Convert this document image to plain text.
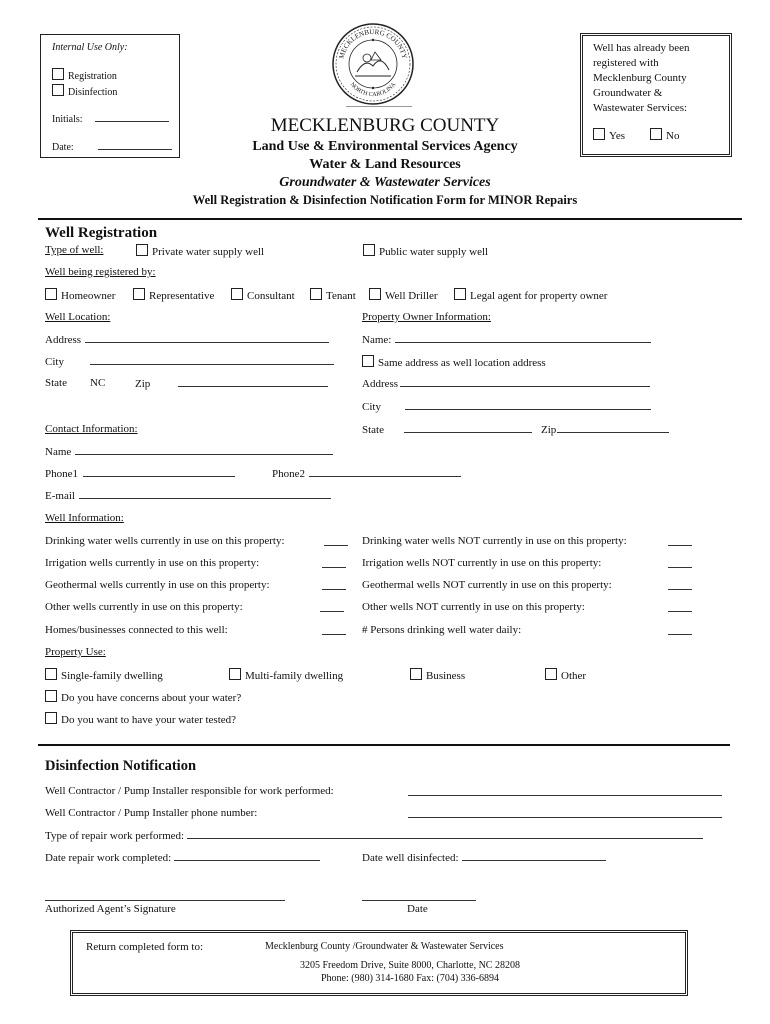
Internal Use Only:
Registration
Disinfection
Initials:
Date:
Well has already been
registered with
Mecklenburg County
Groundwater &
Wastewater Services:
Yes	No
MECKLENBURG COUNTY
NORTH CAROLINA
MECKLENBURG COUNTY
Land Use & Environmental Services Agency
Water & Land Resources
Groundwater & Wastewater Services
Well Registration & Disinfection Notification Form for MINOR Repairs
Well Registration
Type of well:	Private water supply well	Public water supply well
Well being registered by:
Homeowner	Representative	Consultant	Tenant	Well Driller	Legal agent for property owner
Well Location:	Property Owner Information:
Address	Name:
City	Same address as well location address
State NC	Zip	Address
City
Contact Information:	State	Zip
Name
Phone1	Phone2
E-mail
Well Information:
Drinking water wells currently in use on this property:	Drinking water wells NOT currently in use on this property:
Irrigation wells currently in use on this property:	Irrigation wells NOT currently in use on this property:
Geothermal wells currently in use on this property:	Geothermal wells NOT currently in use on this property:
Other wells currently in use on this property:	Other wells NOT currently in use on this property:
Homes/businesses connected to this well:	# Persons drinking well water daily:
Property Use:
Single-family dwelling	Multi-family dwelling	Business	Other
Do you have concerns about your water?
Do you want to have your water tested?
Disinfection Notification
Well Contractor / Pump Installer responsible for work performed:
Well Contractor / Pump Installer phone number:
Type of repair work performed:
Date repair work completed:	Date well disinfected:
Authorized Agent’s Signature	Date
Return completed form to:	Mecklenburg County /Groundwater & Wastewater Services
3205 Freedom Drive, Suite 8000, Charlotte, NC 28208
Phone: (980) 314-1680 Fax: (704) 336-6894
